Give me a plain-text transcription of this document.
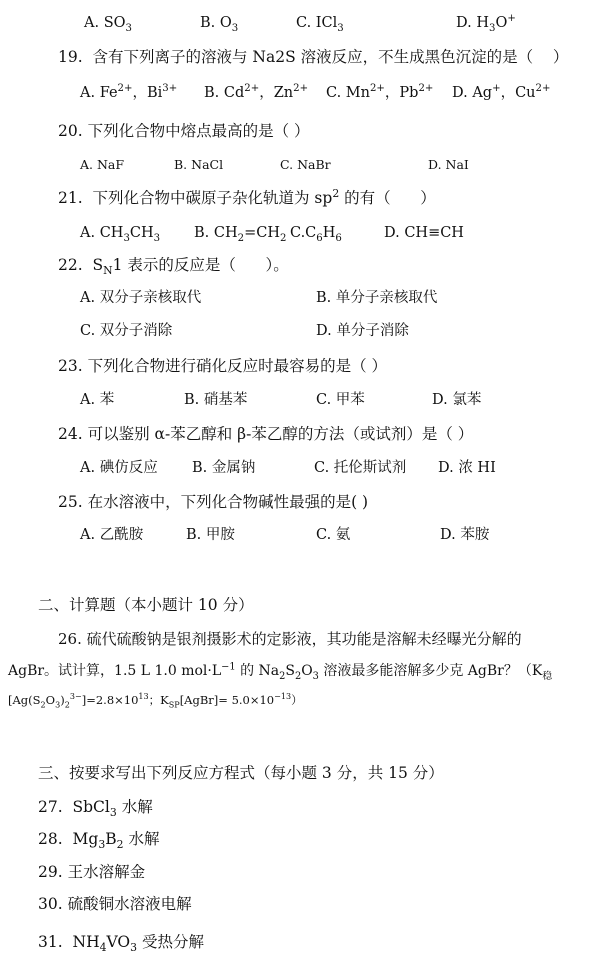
A. $SO_3$	B. $O_3$	C. ICl$_3$	D. $H_3O^+$
19.  含有下列离子的溶液与 Na2S 溶液反应，不生成黑色沉淀的是（    ）
A. $Fe^{2+}$，$Bi^{3+}$ B. $Cd^{2+}$，$Zn^{2+}$ C. $Mn^{2+}$，$Pb^{2+}$ D. Ag+，$Cu^{2+}$
20. 下列化合物中熔点最高的是（ ）
A. NaF	B. NaCl	C. NaBr	D. NaI
21.  下列化合物中碳原子杂化轨道为 $sp^2$ 的有（      ）
A. $CH_3CH_3$ B. $CH_2=CH_2$ $C.C_6H_6$	D. CH≡CH
22.  $S_N1$ 表示的反应是（      ）。
A. 双分子亲核取代	B. 单分子亲核取代
C. 双分子消除	D. 单分子消除
23. 下列化合物进行硝化反应时最容易的是（ ）
A. 苯	B. 硝基苯	C. 甲苯	D. 氯苯
24. 可以鉴别 α-苯乙醇和 β-苯乙醇的方法（或试剂）是（ ）
A. 碘仿反应 B. 金属钠	C. 托伦斯试剂 D. 浓 HI
25. 在水溶液中，下列化合物碱性最强的是( )
A. 乙酰胺	B. 甲胺	C. 氨	D. 苯胺
二、计算题（本小题计 10 分）
26. 硫代硫酸钠是银剂摄影术的定影液，其功能是溶解未经曝光分解的
AgBr。试计算，1.5 L 1.0 $mol\cdot L^{-1}$ 的 $Na_2S_2O_3$ 溶液最多能溶解多少克 AgBr？（$K_稳$
$[Ag(S_2O_3)_2^{3-}]=2.8\times 10^{13}$；$K_{SP}[AgBr]= 5.0\times 10^{-13}$）
三、按要求写出下列反应方程式（每小题 3 分，共 15 分）
27.  SbCl$_3$ 水解
28.  $Mg_3B_2$ 水解
29. 王水溶解金
30. 硫酸铜水溶液电解
31.  $NH_4VO_3$ 受热分解
